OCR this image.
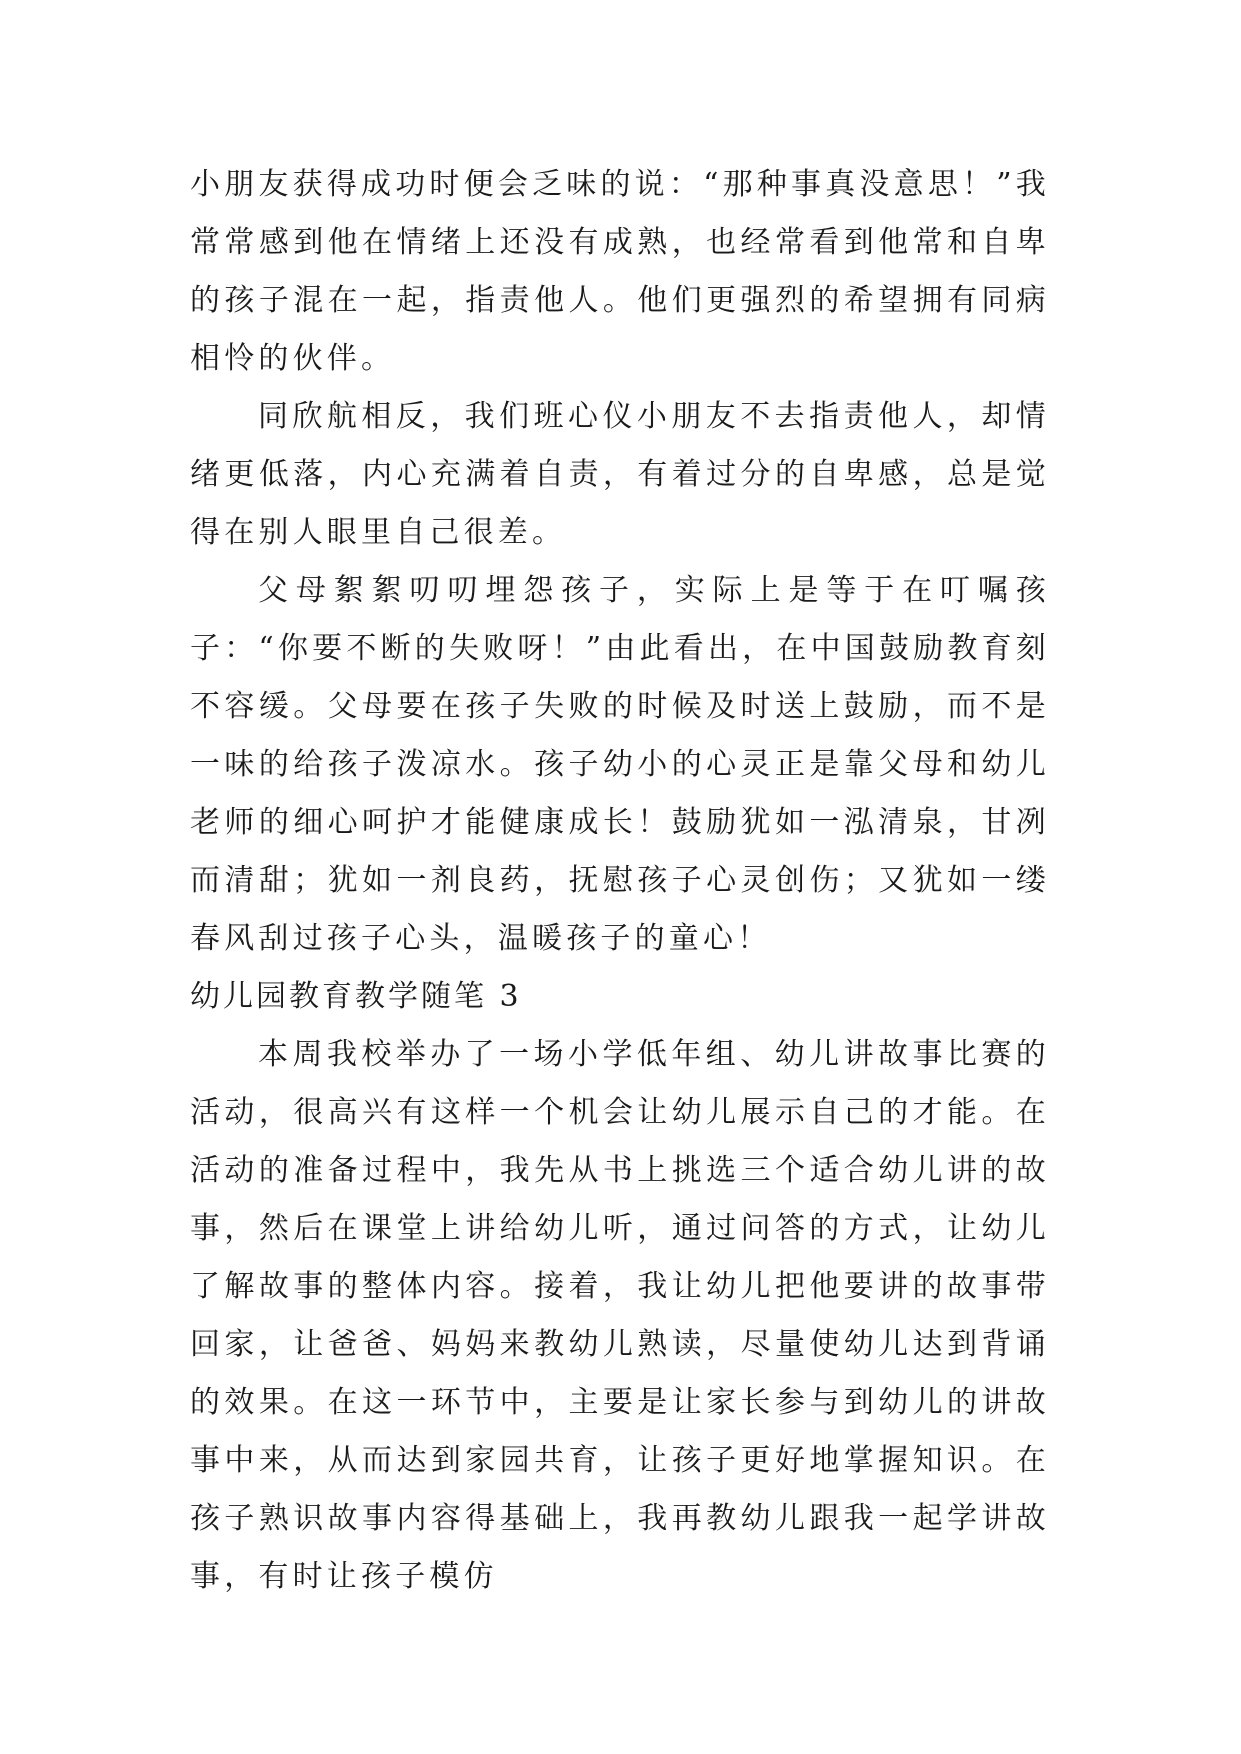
小朋友获得成功时便会乏味的说：“那种事真没意思！”我常常感到他在情绪上还没有成熟，也经常看到他常和自卑的孩子混在一起，指责他人。他们更强烈的希望拥有同病相怜的伙伴。

同欣航相反，我们班心仪小朋友不去指责他人，却情绪更低落，内心充满着自责，有着过分的自卑感，总是觉得在别人眼里自己很差。

父母絮絮叨叨埋怨孩子，实际上是等于在叮嘱孩子：“你要不断的失败呀！”由此看出，在中国鼓励教育刻不容缓。父母要在孩子失败的时候及时送上鼓励，而不是一味的给孩子泼凉水。孩子幼小的心灵正是靠父母和幼儿老师的细心呵护才能健康成长！鼓励犹如一泓清泉，甘冽而清甜；犹如一剂良药，抚慰孩子心灵创伤；又犹如一缕春风刮过孩子心头，温暖孩子的童心！

幼儿园教育教学随笔 3

本周我校举办了一场小学低年组、幼儿讲故事比赛的活动，很高兴有这样一个机会让幼儿展示自己的才能。在活动的准备过程中，我先从书上挑选三个适合幼儿讲的故事，然后在课堂上讲给幼儿听，通过问答的方式，让幼儿了解故事的整体内容。接着，我让幼儿把他要讲的故事带回家，让爸爸、妈妈来教幼儿熟读，尽量使幼儿达到背诵的效果。在这一环节中，主要是让家长参与到幼儿的讲故事中来，从而达到家园共育，让孩子更好地掌握知识。在孩子熟识故事内容得基础上，我再教幼儿跟我一起学讲故事，有时让孩子模仿
